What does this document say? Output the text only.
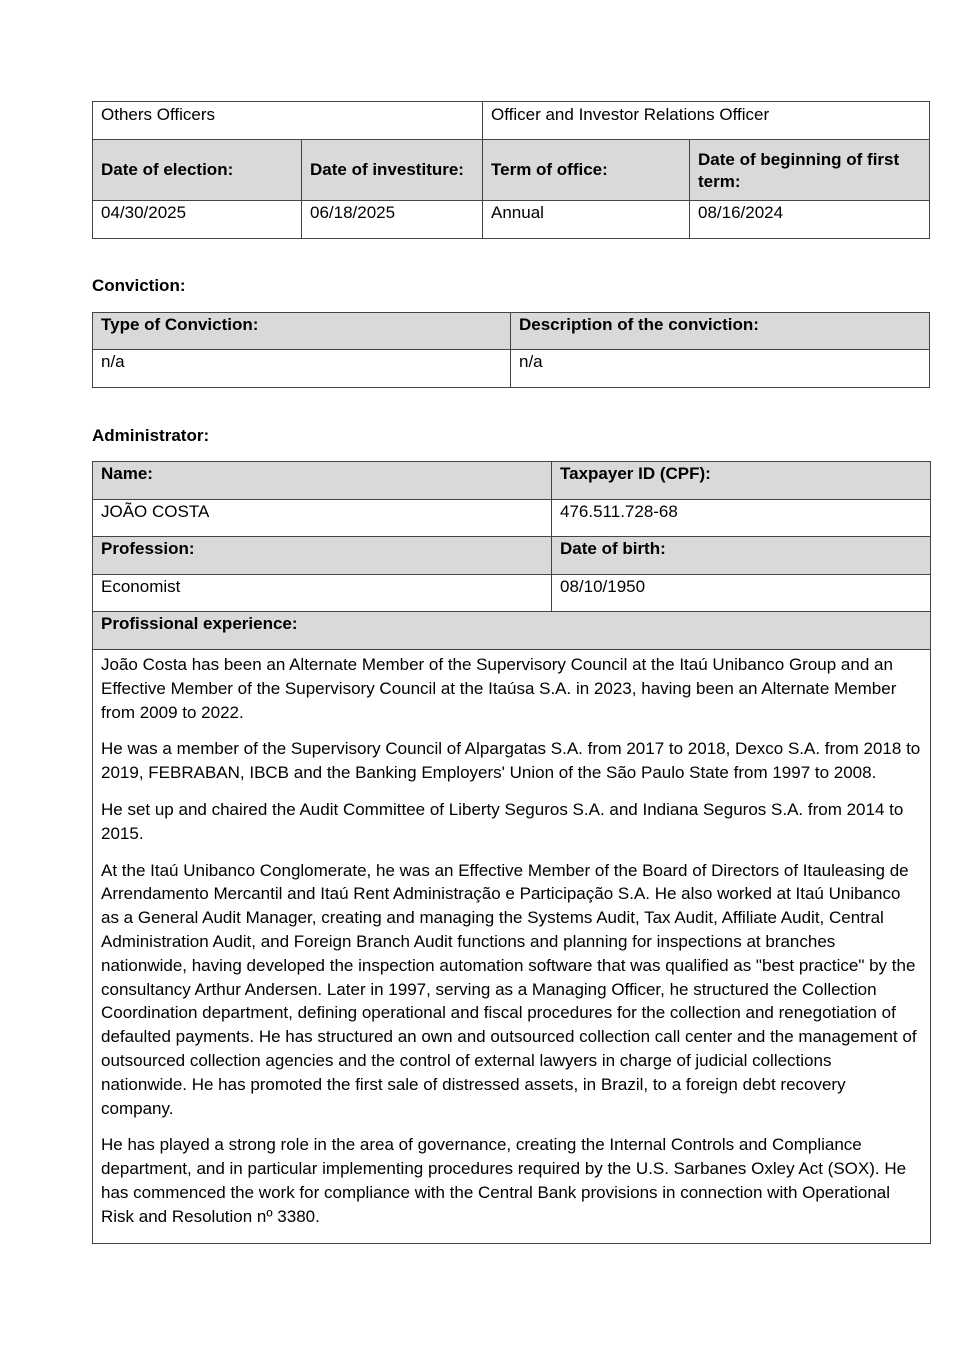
Others Officers		Officer and Investor Relations Officer	
Date of election:	Date of investiture:	Term of office:	Date of beginning of first term:
04/30/2025	06/18/2025	Annual	08/16/2024
Conviction:
Type of Conviction:	Description of the conviction:
n/a	n/a
Administrator:
Name:	Taxpayer ID (CPF):
JOÃO COSTA	476.511.728-68
Profession:	Date of birth:
Economist	08/10/1950
Profissional experience:	

João Costa has been an Alternate Member of the Supervisory Council at the Itaú Unibanco Group and an Effective Member of the Supervisory Council at the Itaúsa S.A. in 2023, having been an Alternate Member from 2009 to 2022.

He was a member of the Supervisory Council of Alpargatas S.A. from 2017 to 2018, Dexco S.A. from 2018 to 2019, FEBRABAN, IBCB and the Banking Employers' Union of the São Paulo State from 1997 to 2008.

He set up and chaired the Audit Committee of Liberty Seguros S.A. and Indiana Seguros S.A. from 2014 to 2015.

At the Itaú Unibanco Conglomerate, he was an Effective Member of the Board of Directors of Itauleasing de Arrendamento Mercantil and Itaú Rent Administração e Participação S.A. He also worked at Itaú Unibanco as a General Audit Manager, creating and managing the Systems Audit, Tax Audit, Affiliate Audit, Central Administration Audit, and Foreign Branch Audit functions and planning for inspections at branches nationwide, having developed the inspection automation software that was qualified as "best practice" by the consultancy Arthur Andersen. Later in 1997, serving as a Managing Officer, he structured the Collection Coordination department, defining operational and fiscal procedures for the collection and renegotiation of defaulted payments. He has structured an own and outsourced collection call center and the management of outsourced collection agencies and the control of external lawyers in charge of judicial collections nationwide. He has promoted the first sale of distressed assets, in Brazil, to a foreign debt recovery company.

He has played a strong role in the area of governance, creating the Internal Controls and Compliance department, and in particular implementing procedures required by the U.S. Sarbanes Oxley Act (SOX). He has commenced the work for compliance with the Central Bank provisions in connection with Operational Risk and Resolution nº 3380.	
